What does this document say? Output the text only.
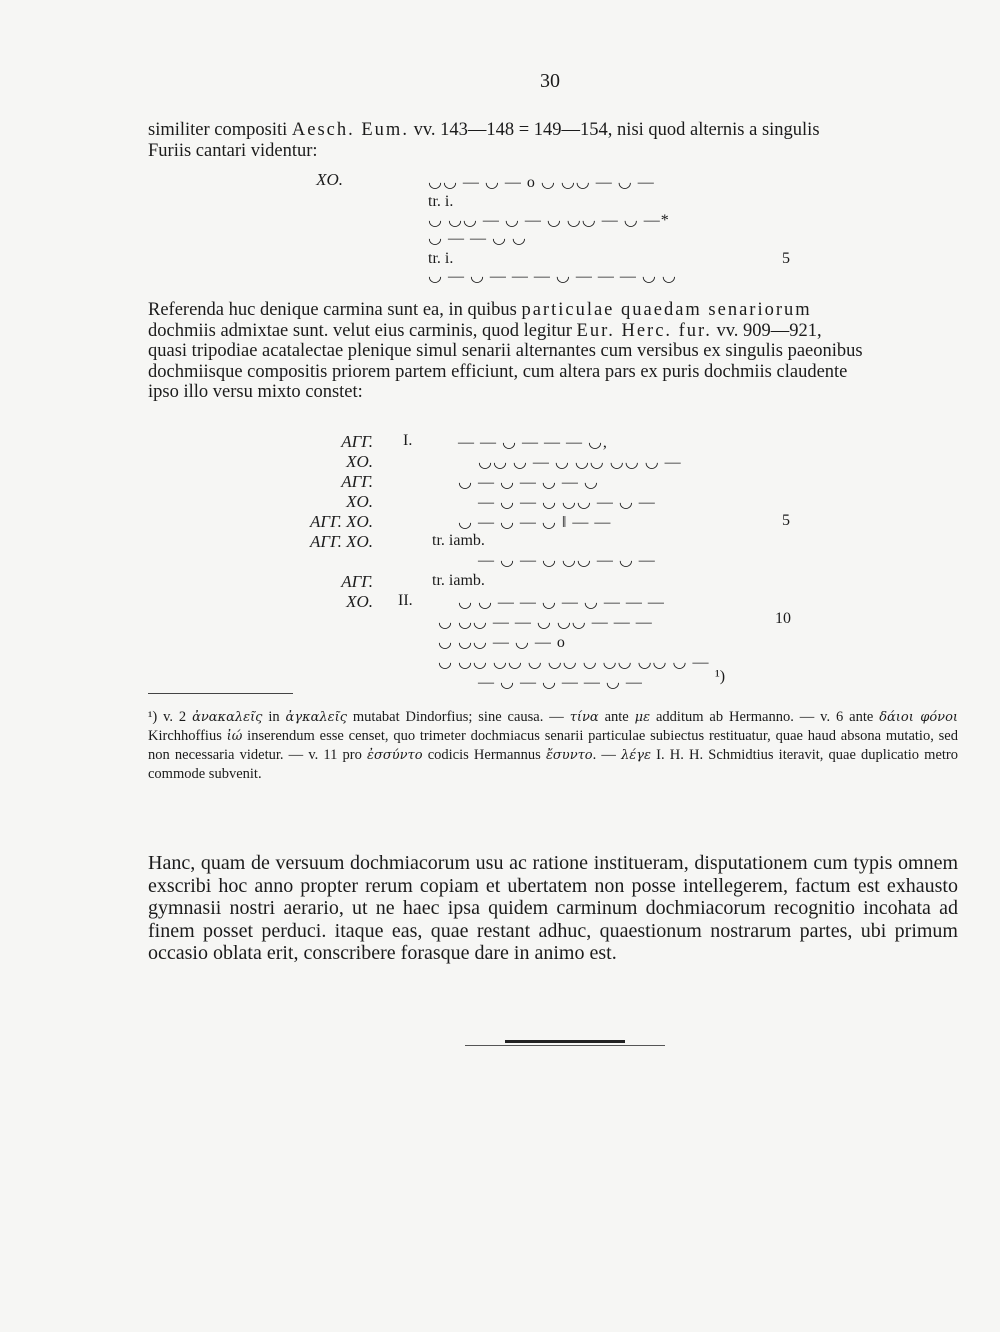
30

similiter compositi Aesch. Eum. vv. 143—148 = 149—154, nisi quod alternis a singulis

Furiis cantari videntur:

XO.	◡◡ — ◡ — ο ◡ ◡◡ — ◡ —
tr. i.
◡ ◡◡ — ◡ — ◡ ◡◡ — ◡ —*
◡ — — ◡ ◡
tr. i.
◡ — ◡ — — — ◡ — — — ◡ ◡
5

Referenda huc denique carmina sunt ea, in quibus particulae quaedam senariorum

dochmiis admixtae sunt. velut eius carminis, quod legitur Eur. Herc. fur. vv. 909—921,

quasi tripodiae acatalectae plenique simul senarii alternantes cum versibus ex singulis paeonibus

dochmiisque compositis priorem partem efficiunt, cum altera pars ex puris dochmiis claudente

ipso illo versu mixto constet:

ΑΓΓ. I.	— — ◡ — — — ◡,
ΧΟ.	◡◡ ◡ — ◡ ◡◡ ◡◡ ◡ —
ΑΓΓ.	◡ — ◡ — ◡ — ◡
ΧΟ.	— ◡ — ◡ ◡◡ — ◡ —
ΑΓΓ. ΧΟ.	◡ — ◡ — ◡ ‖ — —	5
ΑΓΓ. ΧΟ.	tr. iamb.
— ◡ — ◡ ◡◡ — ◡ —
ΑΓΓ.	tr. iamb.
ΧΟ. II.	◡ ◡ — — ◡ — ◡ — — —
◡ ◡◡ — — ◡ ◡◡ — — —	10
◡ ◡◡ — ◡ — ο
◡ ◡◡ ◡◡ ◡ ◡◡ ◡ ◡◡ ◡◡ ◡ —
— ◡ — ◡ — — ◡ —	¹)
¹) v. 2 ἀνακαλεῖς in ἀγκαλεῖς mutabat Dindorfius; sine causa. — τίνα ante με additum ab Hermanno. — v. 6 ante δάιοι φόνοι Kirchhoffius ἰώ inserendum esse censet, quo trimeter dochmiacus senarii particulae subiectus restituatur, quae haud absona mutatio, sed non necessaria videtur. — v. 11 pro ἐσσύντο codicis Hermannus ἔσυντο. — λέγε I. H. H. Schmidtius iteravit, quae duplicatio metro commode subvenit.
Hanc, quam de versuum dochmiacorum usu ac ratione institueram, disputationem cum typis omnem exscribi hoc anno propter rerum copiam et ubertatem non posse intellegerem, factum est exhausto gymnasii nostri aerario, ut ne haec ipsa quidem carminum dochmiacorum recognitio incohata ad finem posset perduci. itaque eas, quae restant adhuc, quaestionum nostrarum partes, ubi primum occasio oblata erit, conscribere forasque dare in animo est.
